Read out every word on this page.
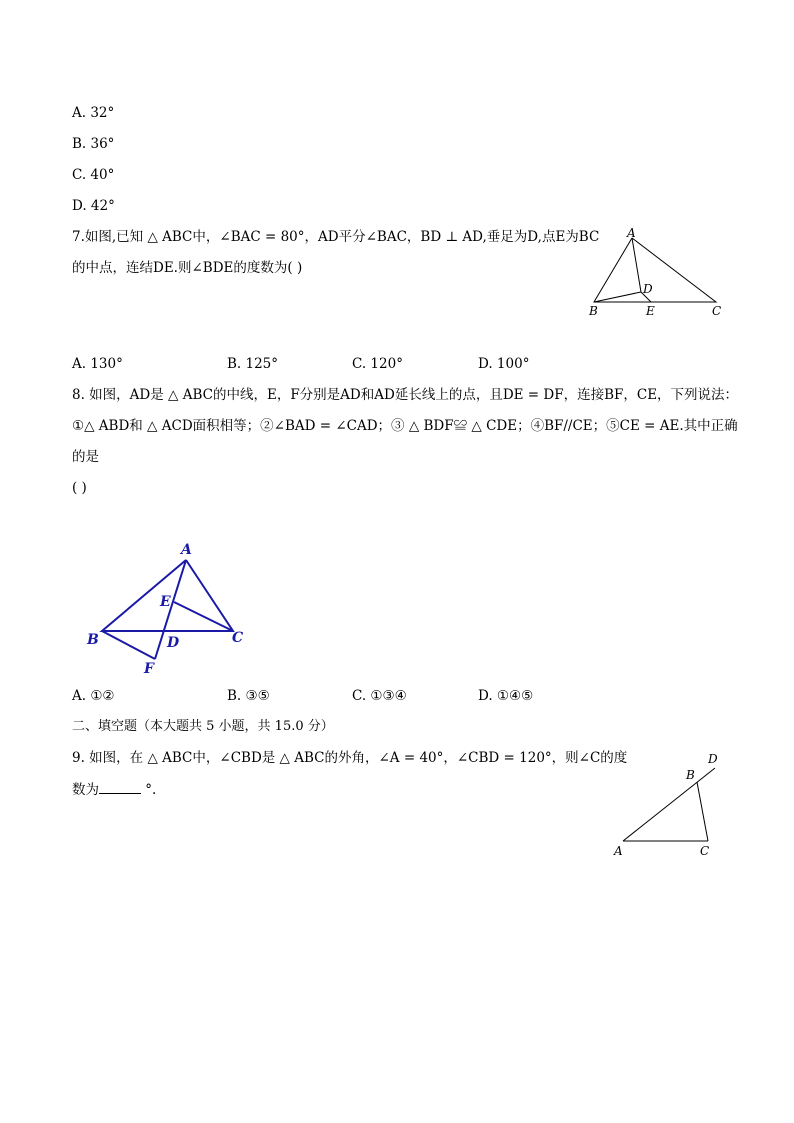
A. 32°
B. 36°
C. 40°
D. 42°
7.如图,已知 △ ABC中，∠BAC = 80°，AD平分∠BAC，BD ⊥ AD,垂足为D,点E为BC
的中点，连结DE.则∠BDE的度数为( )
A
B	C
D
E
A. 130°	B. 125°	C. 120°	D. 100°
8. 如图，AD是 △ ABC的中线，E，F分别是AD和AD延长线上的点，且DE = DF，连接BF，CE，下列说法：
①△ ABD和 △ ACD面积相等；②∠BAD = ∠CAD；③ △ BDF≌ △ CDE；④BF//CE；⑤CE = AE.其中正确
的是
( )
A
B	C
D
E
F
A. ①②	B. ③⑤	C. ①③④	D. ①④⑤
二、填空题（本大题共 5 小题，共 15.0 分）
9. 如图，在 △ ABC中，∠CBD是 △ ABC的外角，∠A = 40°，∠CBD = 120°，则∠C的度
数为	°.
A
B
C
D
